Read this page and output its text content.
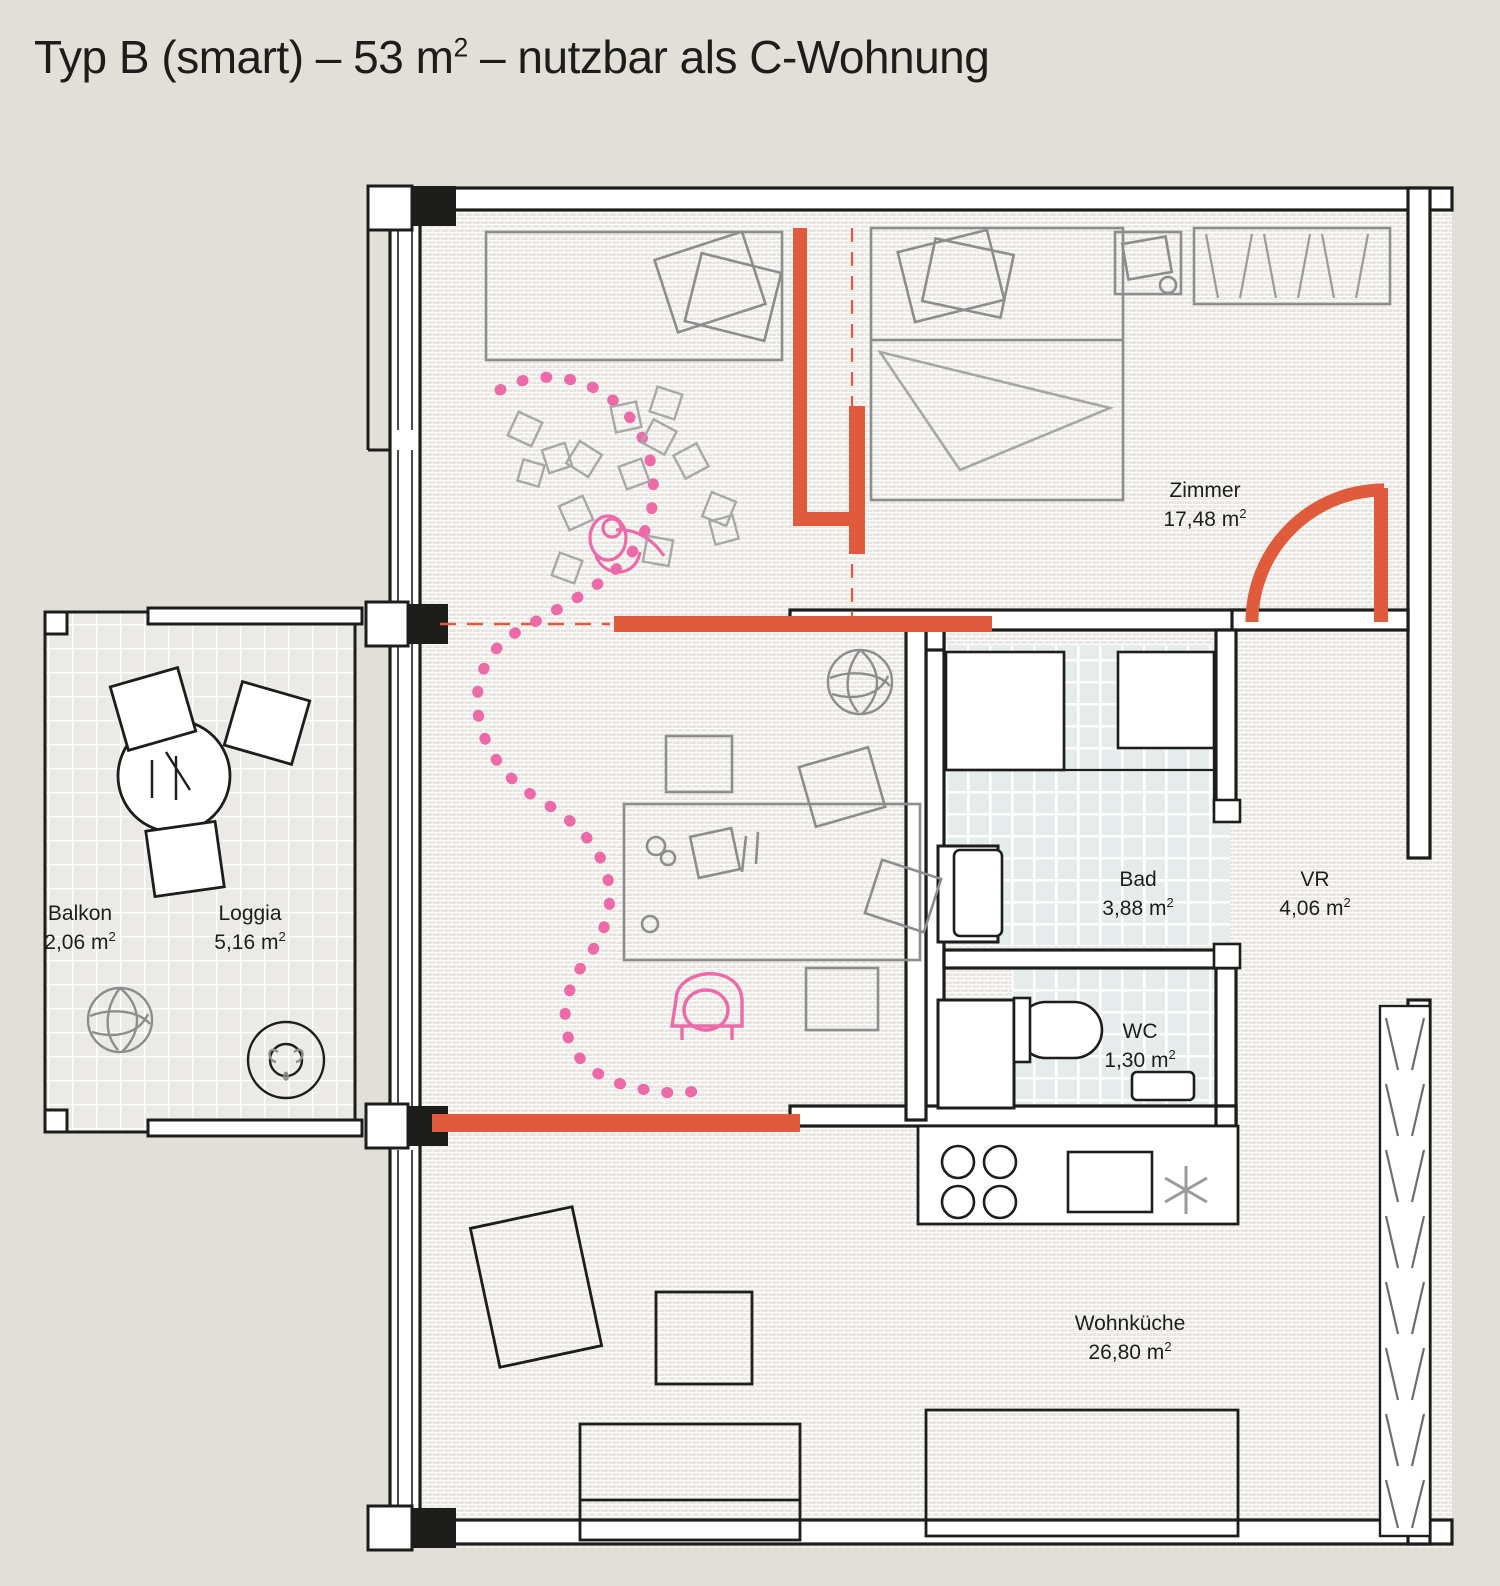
Typ B (smart) – 53 $m^2$ – nutzbar als C-Wohnung
Balkon
2,06 $m^2$
Loggia
5,16 $m^2$
Zimmer
17,48 $m^2$
Bad
3,88 $m^2$
VR
4,06 $m^2$
WC
1,30 $m^2$
Wohnküche
26,80 $m^2$
